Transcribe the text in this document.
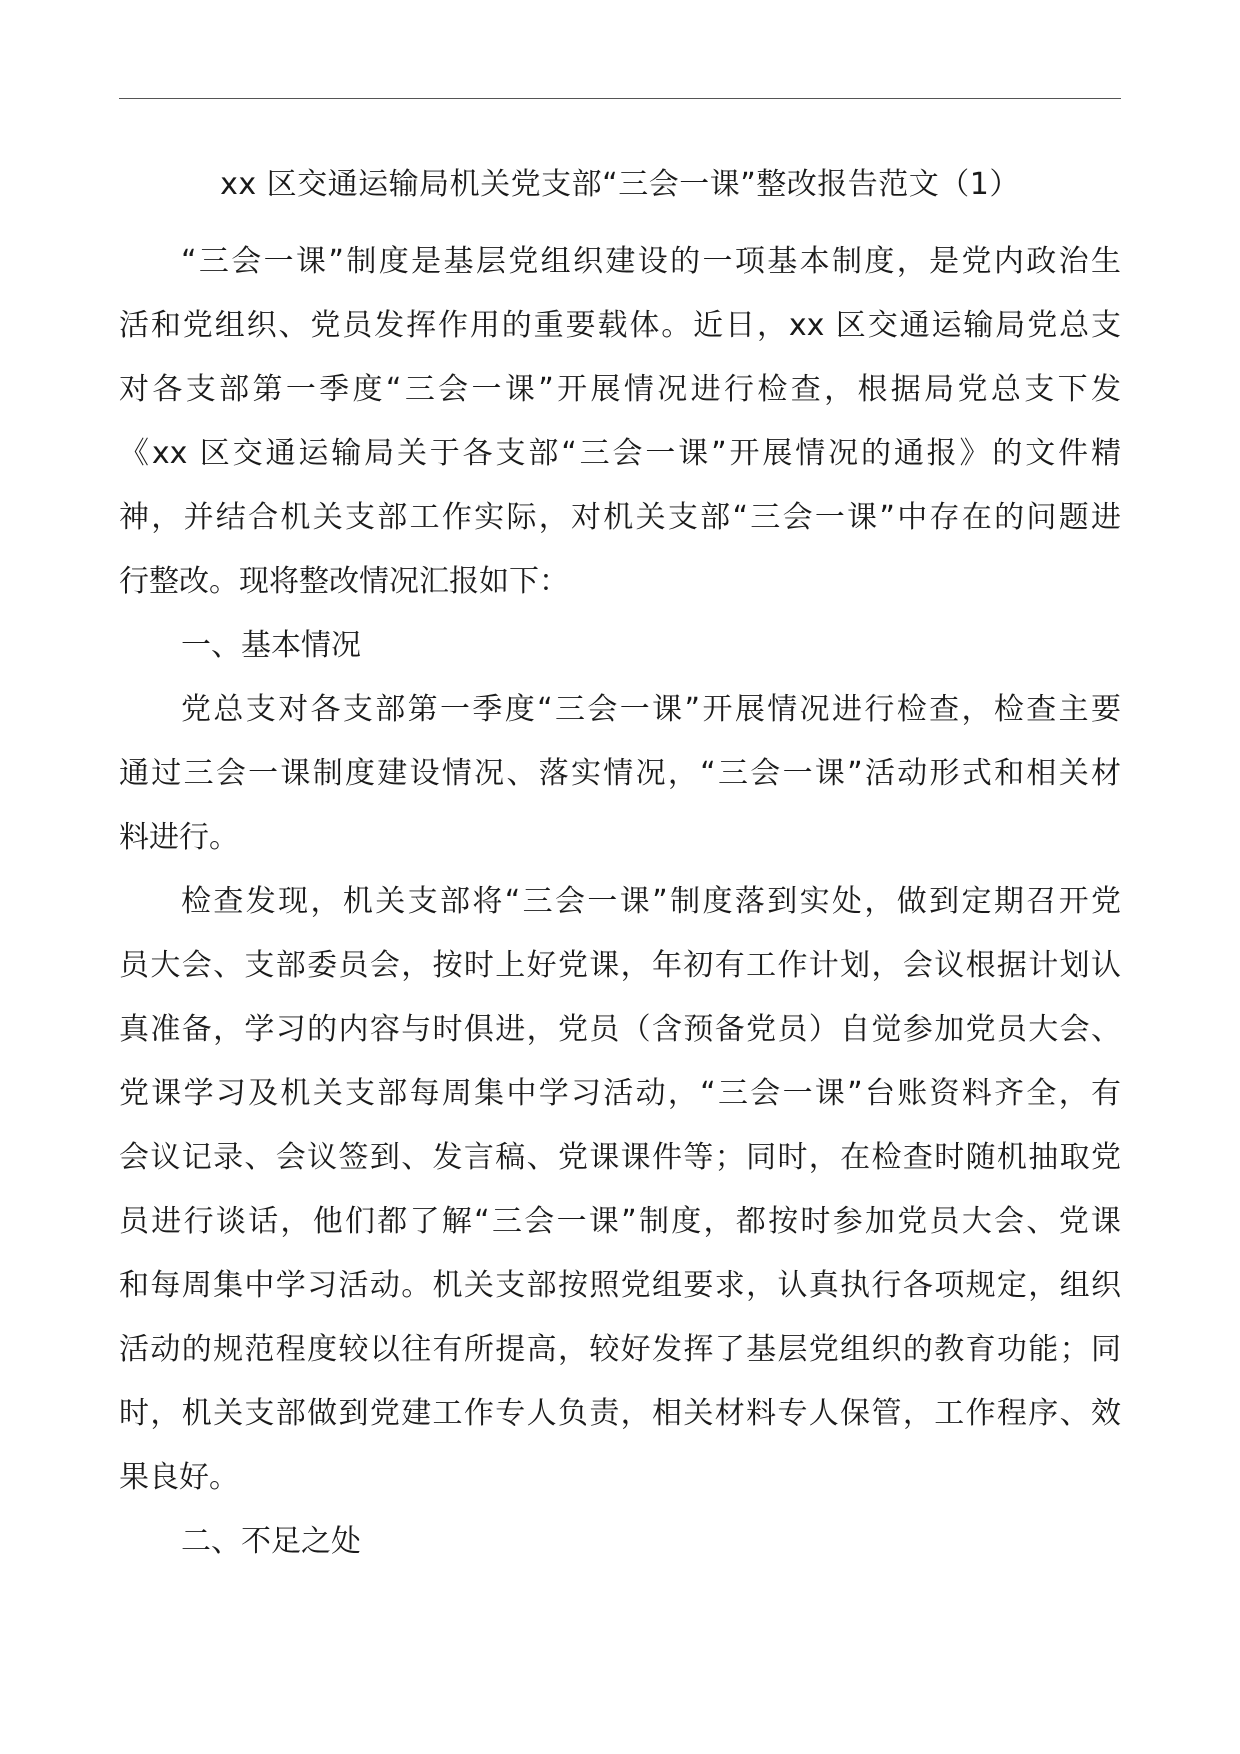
xx 区交通运输局机关党支部“三会一课”整改报告范文（1）
“三会一课”制度是基层党组织建设的一项基本制度，是党内政治生
活和党组织、党员发挥作用的重要载体。近日，xx 区交通运输局党总支
对各支部第一季度“三会一课”开展情况进行检查，根据局党总支下发
《xx 区交通运输局关于各支部“三会一课”开展情况的通报》的文件精
神，并结合机关支部工作实际，对机关支部“三会一课”中存在的问题进
行整改。现将整改情况汇报如下：
一、基本情况
党总支对各支部第一季度“三会一课”开展情况进行检查，检查主要
通过三会一课制度建设情况、落实情况，“三会一课”活动形式和相关材
料进行。
检查发现，机关支部将“三会一课”制度落到实处，做到定期召开党
员大会、支部委员会，按时上好党课，年初有工作计划，会议根据计划认
真准备，学习的内容与时俱进，党员（含预备党员）自觉参加党员大会、
党课学习及机关支部每周集中学习活动，“三会一课”台账资料齐全，有
会议记录、会议签到、发言稿、党课课件等；同时，在检查时随机抽取党
员进行谈话，他们都了解“三会一课”制度，都按时参加党员大会、党课
和每周集中学习活动。机关支部按照党组要求，认真执行各项规定，组织
活动的规范程度较以往有所提高，较好发挥了基层党组织的教育功能；同
时，机关支部做到党建工作专人负责，相关材料专人保管，工作程序、效
果良好。
二、不足之处
